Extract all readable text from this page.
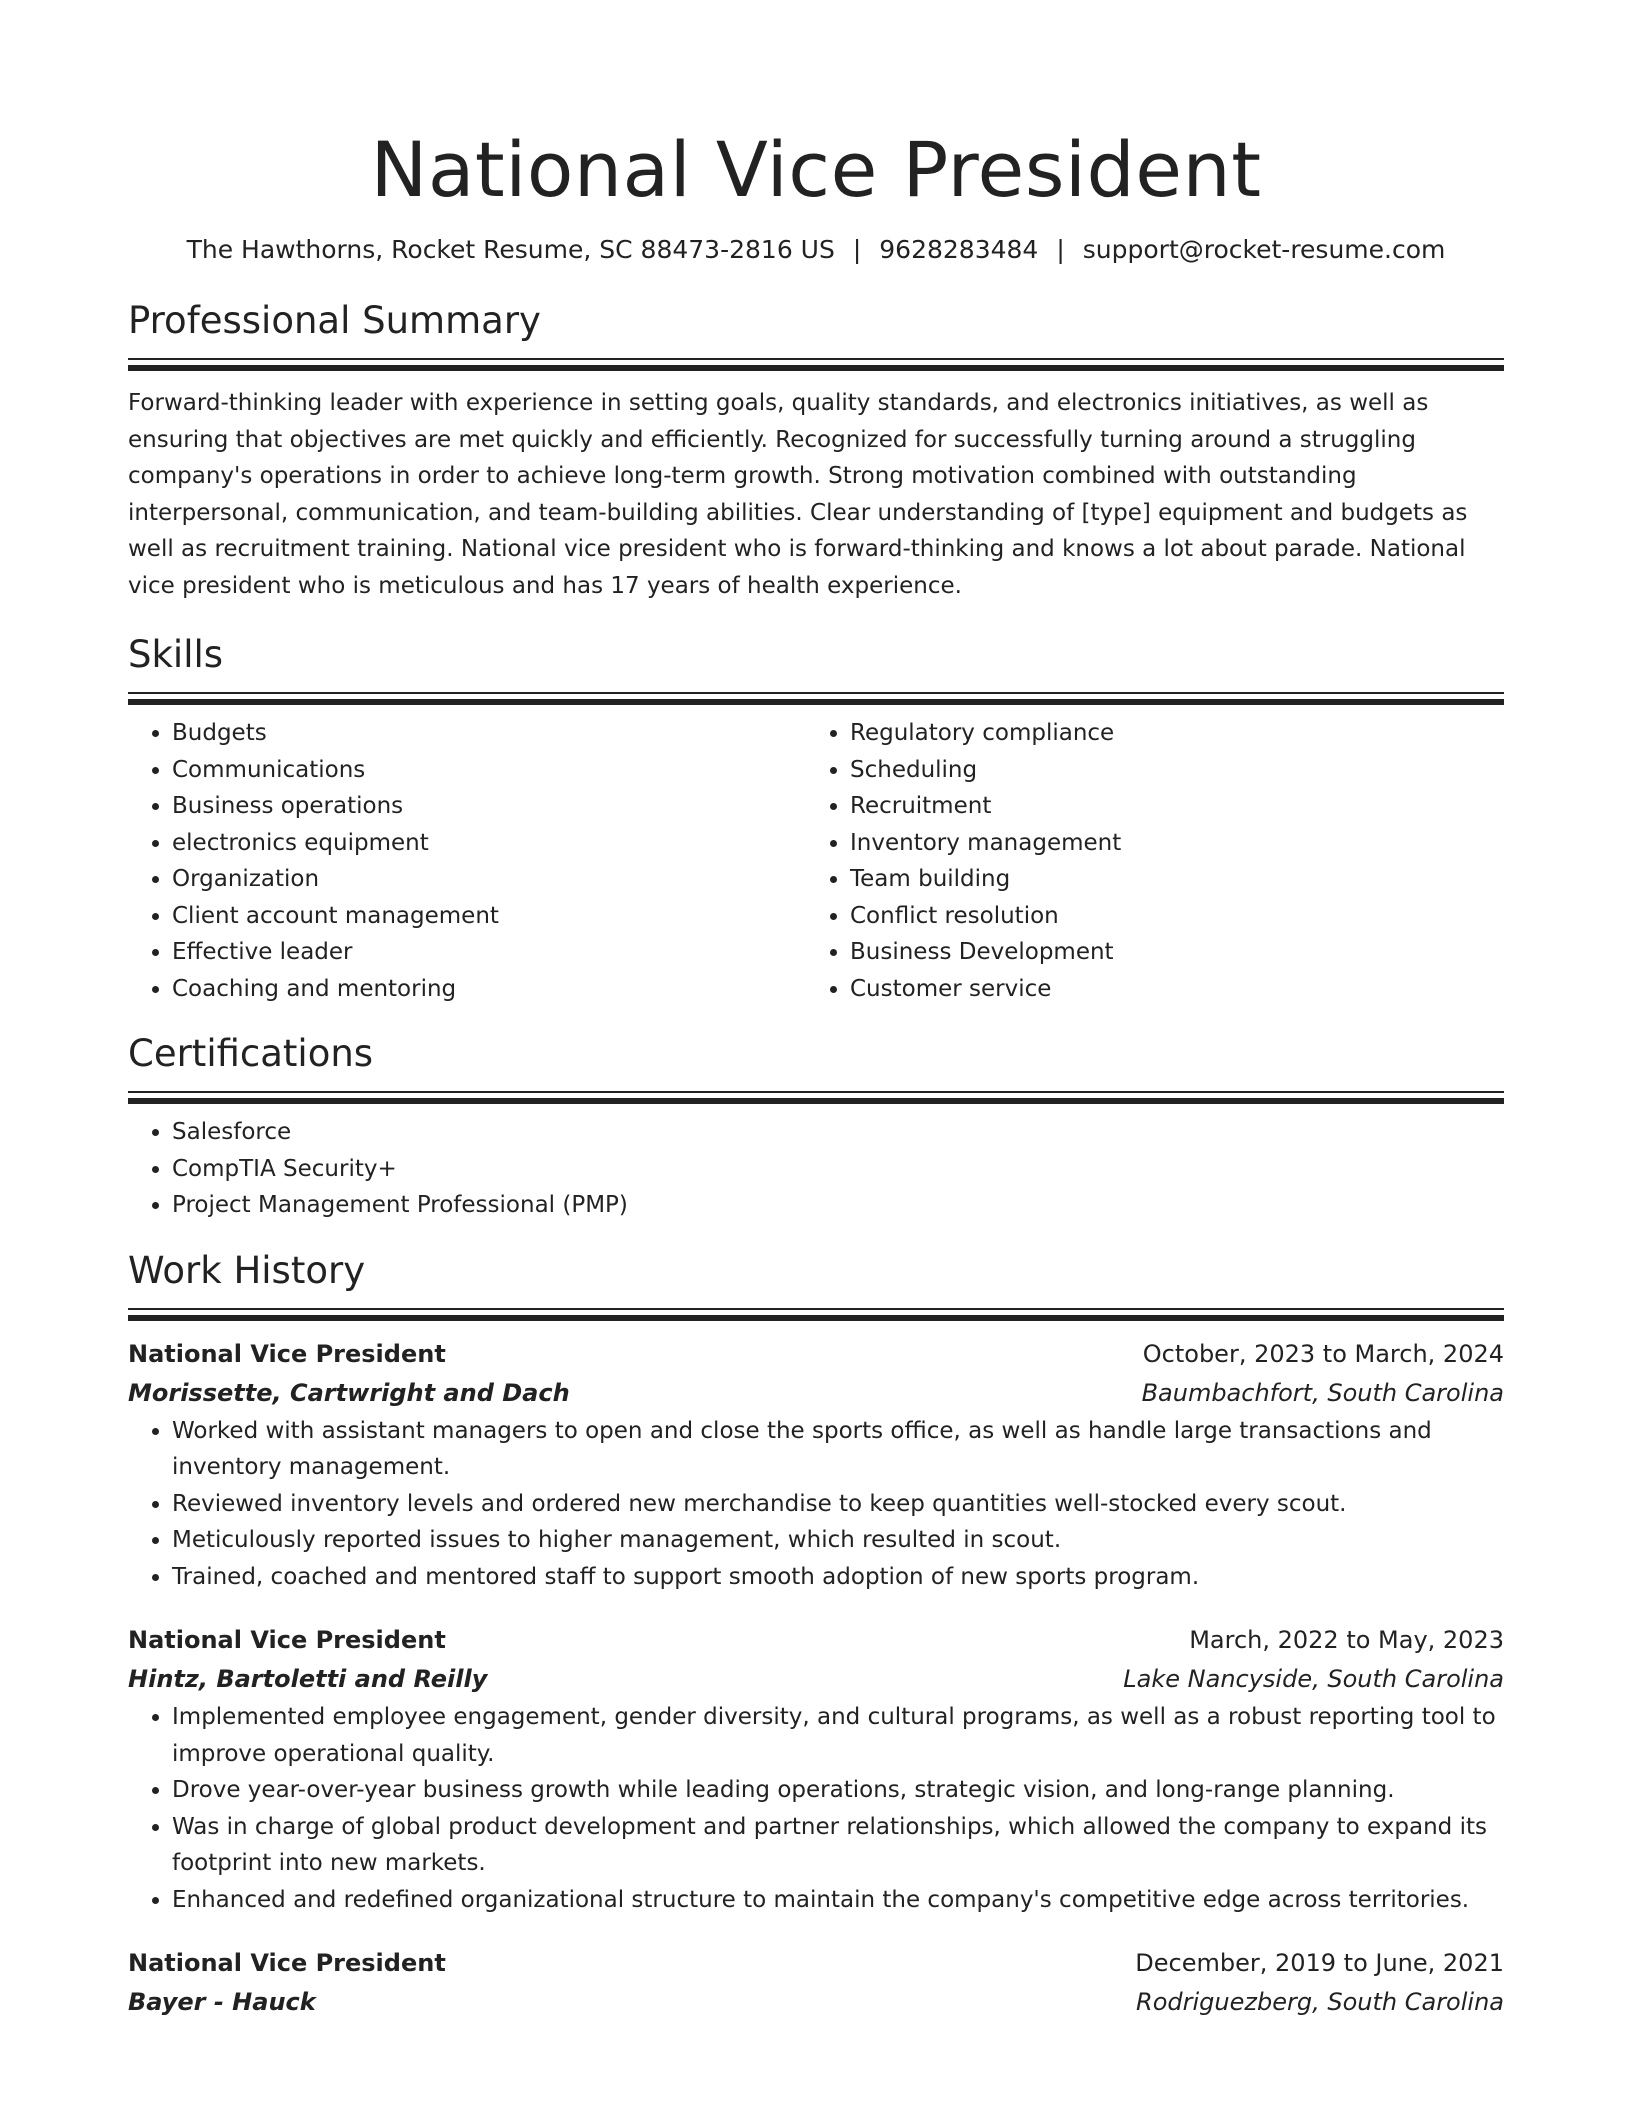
National Vice President
The Hawthorns, Rocket Resume, SC 88473-2816 US | 9628283484 | support@rocket-resume.com
Professional Summary
Forward-thinking leader with experience in setting goals, quality standards, and electronics initiatives, as well as ensuring that objectives are met quickly and efficiently. Recognized for successfully turning around a struggling company's operations in order to achieve long-term growth. Strong motivation combined with outstanding interpersonal, communication, and team-building abilities. Clear understanding of [type] equipment and budgets as well as recruitment training. National vice president who is forward-thinking and knows a lot about parade. National vice president who is meticulous and has 17 years of health experience.
Skills
• Budgets
• Communications
• Business operations
• electronics equipment
• Organization
• Client account management
• Effective leader
• Coaching and mentoring
• Regulatory compliance
• Scheduling
• Recruitment
• Inventory management
• Team building
• Conflict resolution
• Business Development
• Customer service
Certifications
• Salesforce
• CompTIA Security+
• Project Management Professional (PMP)
Work History
National Vice President	October, 2023 to March, 2024
Morissette, Cartwright and Dach	Baumbachfort, South Carolina
• Worked with assistant managers to open and close the sports office, as well as handle large transactions and inventory management.
• Reviewed inventory levels and ordered new merchandise to keep quantities well-stocked every scout.
• Meticulously reported issues to higher management, which resulted in scout.
• Trained, coached and mentored staff to support smooth adoption of new sports program.
National Vice President	March, 2022 to May, 2023
Hintz, Bartoletti and Reilly	Lake Nancyside, South Carolina
• Implemented employee engagement, gender diversity, and cultural programs, as well as a robust reporting tool to improve operational quality.
• Drove year-over-year business growth while leading operations, strategic vision, and long-range planning.
• Was in charge of global product development and partner relationships, which allowed the company to expand its footprint into new markets.
• Enhanced and redefined organizational structure to maintain the company's competitive edge across territories.
National Vice President	December, 2019 to June, 2021
Bayer - Hauck	Rodriguezberg, South Carolina
